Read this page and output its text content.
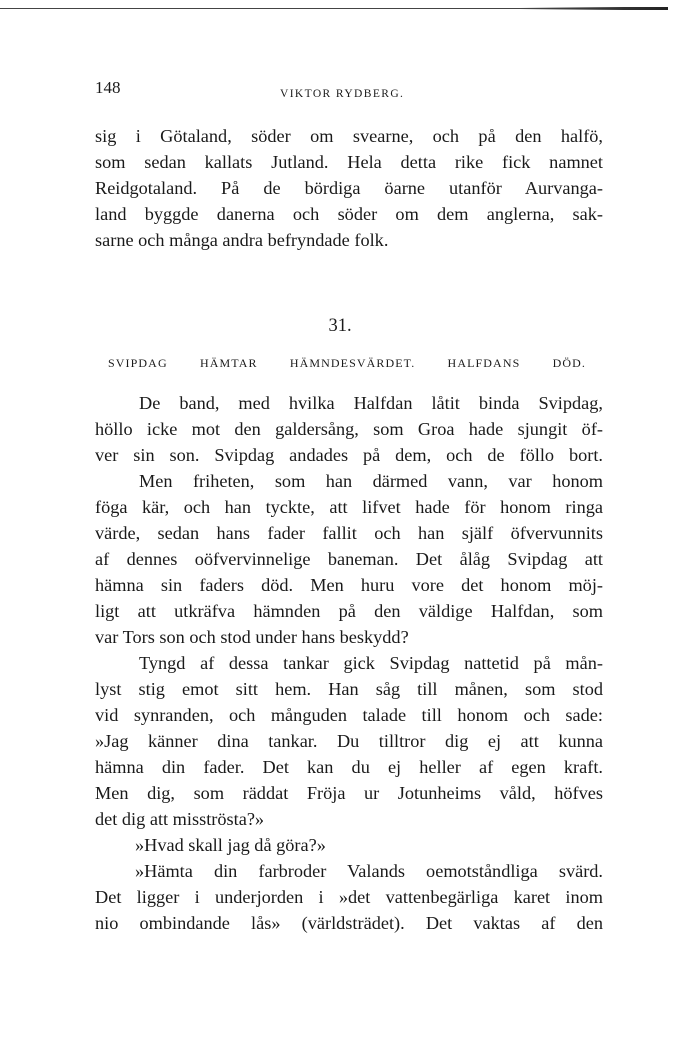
148	VIKTOR RYDBERG.
sig i Götaland, söder om svearne, och på den halfö,
som sedan kallats Jutland. Hela detta rike fick namnet
Reidgotaland. På de bördiga öarne utanför Aurvanga-
land byggde danerna och söder om dem anglerna, sak-
sarne och många andra befryndade folk.
31.
SVIPDAG HÄMTAR HÄMNDESVÄRDET. HALFDANS DÖD.
De band, med hvilka Halfdan låtit binda Svipdag,
höllo icke mot den galdersång, som Groa hade sjungit öf-
ver sin son. Svipdag andades på dem, och de föllo bort.
Men friheten, som han därmed vann, var honom
föga kär, och han tyckte, att lifvet hade för honom ringa
värde, sedan hans fader fallit och han själf öfvervunnits
af dennes oöfvervinnelige baneman. Det ålåg Svipdag att
hämna sin faders död. Men huru vore det honom möj-
ligt att utkräfva hämnden på den väldige Halfdan, som
var Tors son och stod under hans beskydd?
Tyngd af dessa tankar gick Svipdag nattetid på mån-
lyst stig emot sitt hem. Han såg till månen, som stod
vid synranden, och månguden talade till honom och sade:
»Jag känner dina tankar. Du tilltror dig ej att kunna
hämna din fader. Det kan du ej heller af egen kraft.
Men dig, som räddat Fröja ur Jotunheims våld, höfves
det dig att misströsta?»
»Hvad skall jag då göra?»
»Hämta din farbroder Valands oemotståndliga svärd.
Det ligger i underjorden i »det vattenbegärliga karet inom
nio ombindande lås» (världsträdet). Det vaktas af den
